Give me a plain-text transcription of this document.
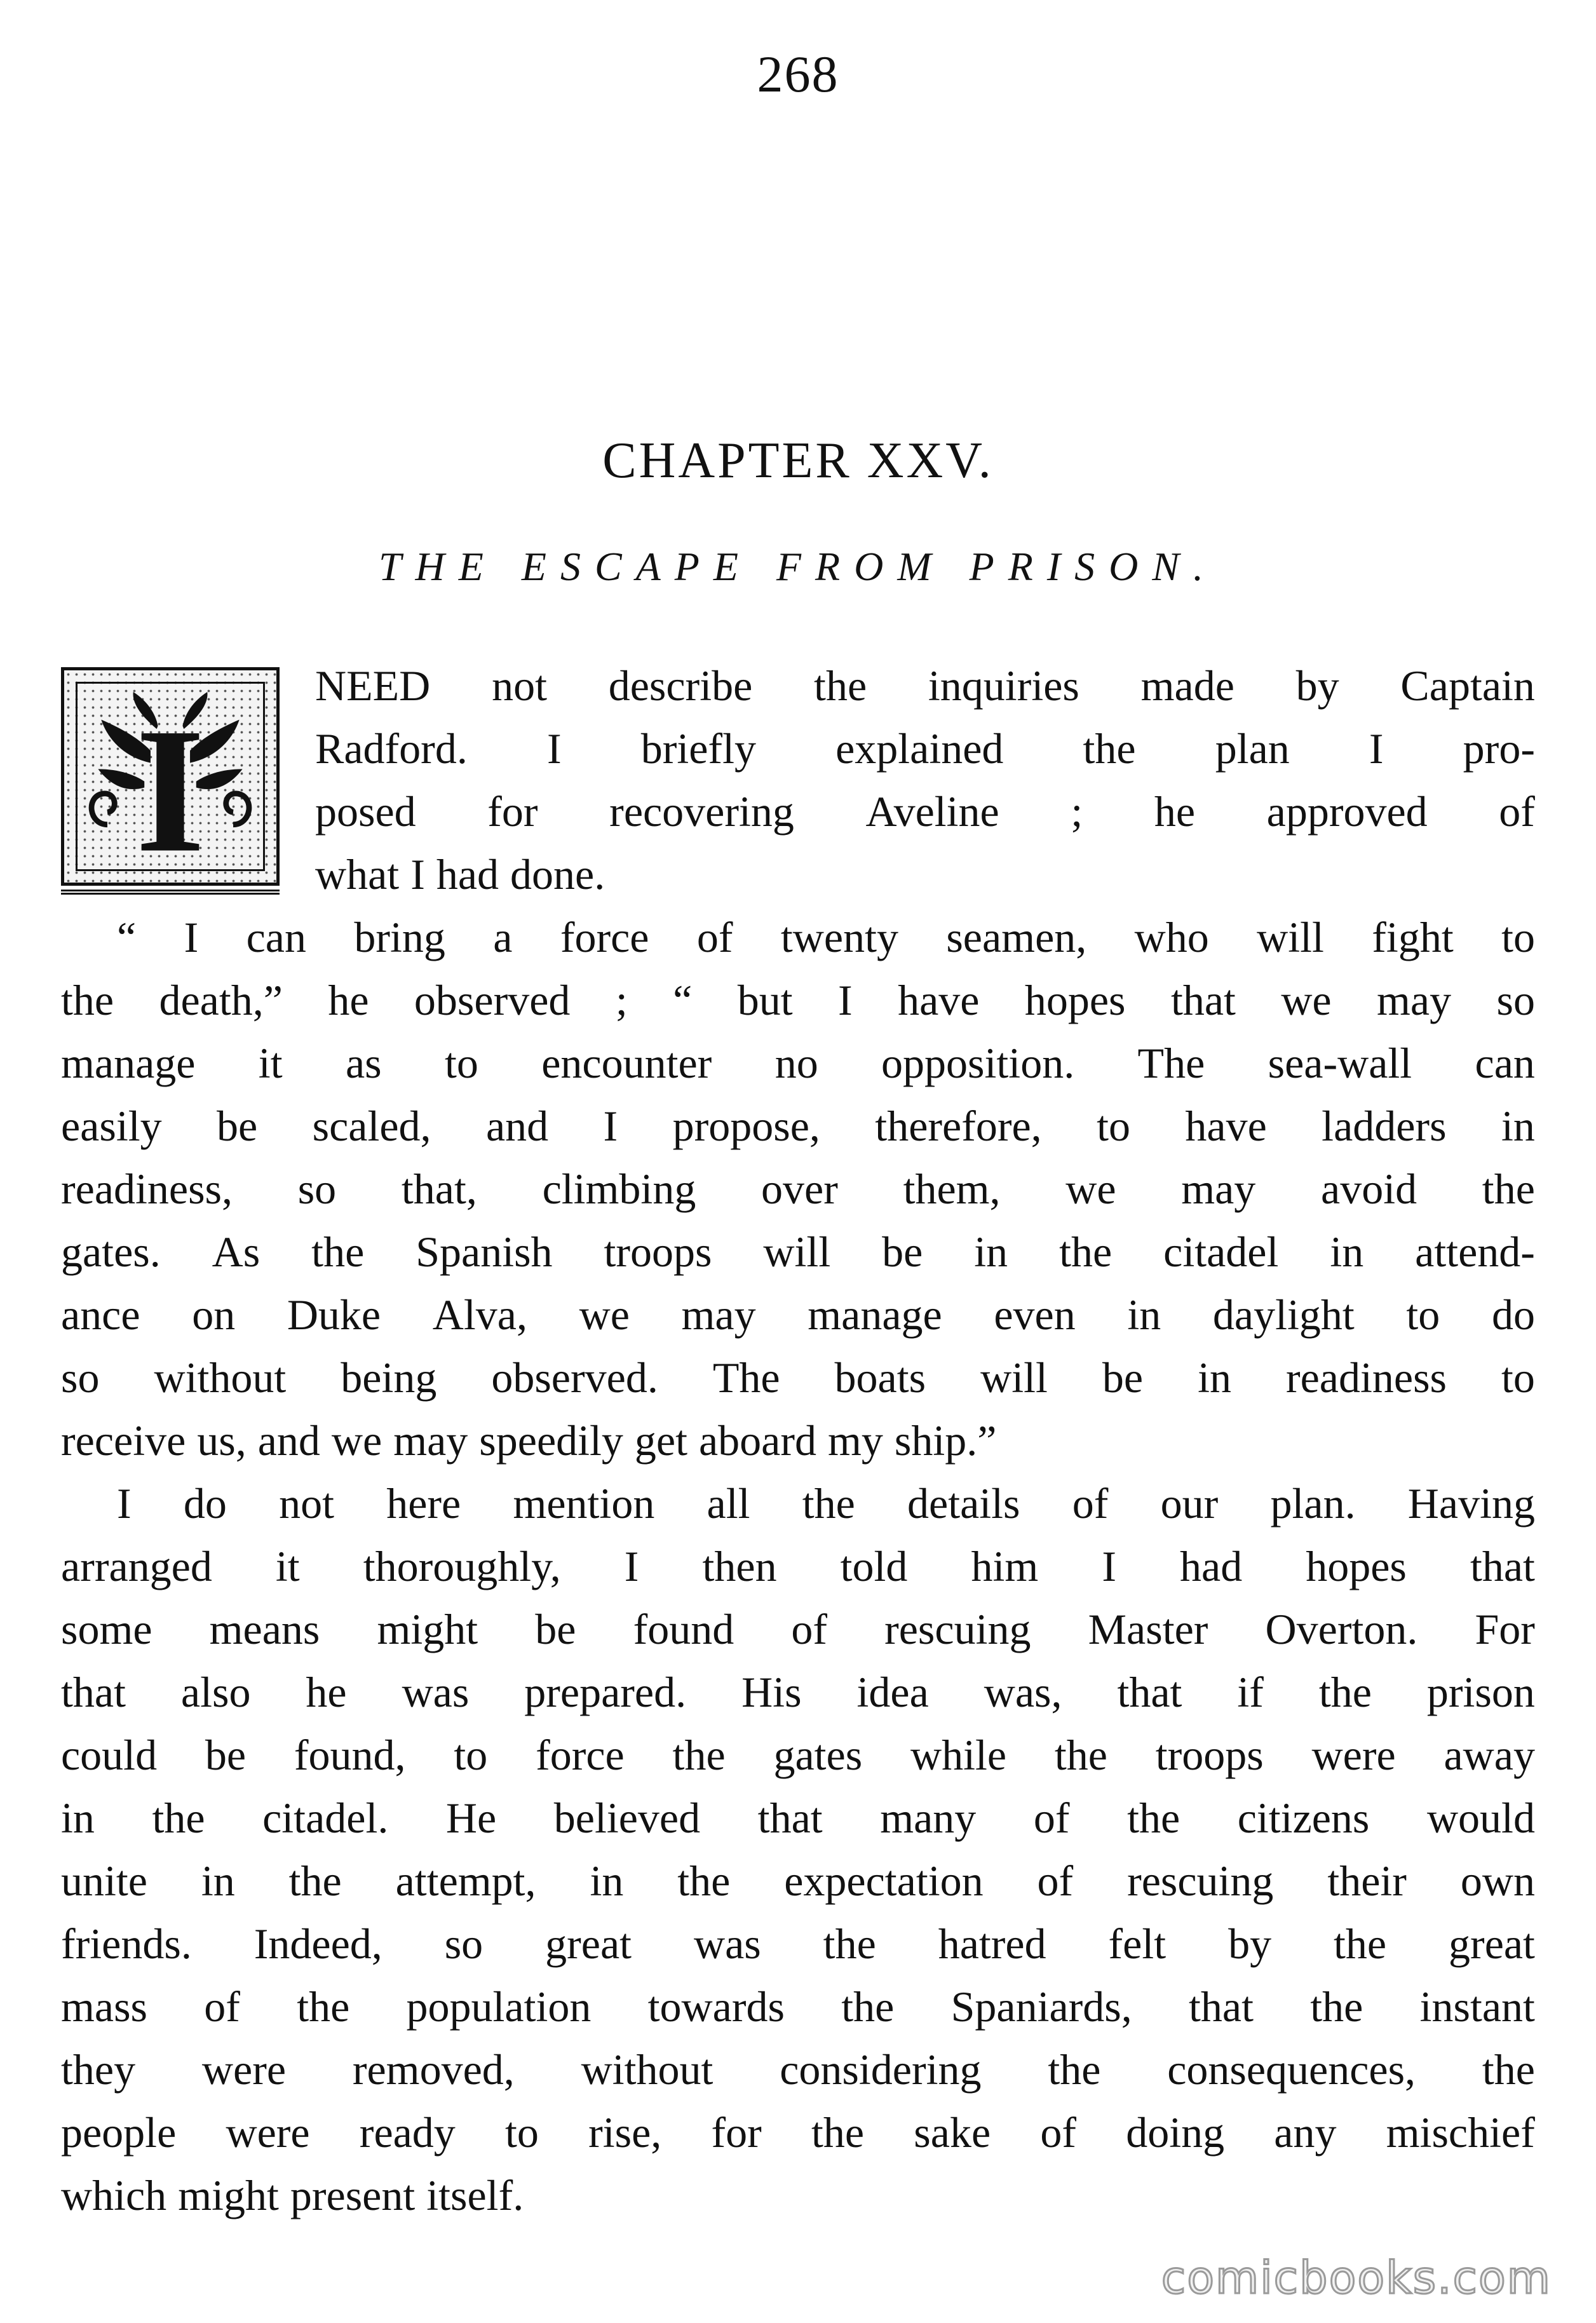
268
CHAPTER XXV.
THE ESCAPE FROM PRISON.
I
NEED not describe the inquiries made by Captain
Radford. I briefly explained the plan I pro-
posed for recovering Aveline ; he approved of
what I had done.
“ I can bring a force of twenty seamen, who will fight to
the death,” he observed ; “ but I have hopes that we may so
manage it as to encounter no opposition. The sea-wall can
easily be scaled, and I propose, therefore, to have ladders in
readiness, so that, climbing over them, we may avoid the
gates. As the Spanish troops will be in the citadel in attend-
ance on Duke Alva, we may manage even in daylight to do
so without being observed. The boats will be in readiness to
receive us, and we may speedily get aboard my ship.”
I do not here mention all the details of our plan. Having
arranged it thoroughly, I then told him I had hopes that
some means might be found of rescuing Master Overton. For
that also he was prepared. His idea was, that if the prison
could be found, to force the gates while the troops were away
in the citadel. He believed that many of the citizens would
unite in the attempt, in the expectation of rescuing their own
friends. Indeed, so great was the hatred felt by the great
mass of the population towards the Spaniards, that the instant
they were removed, without considering the consequences, the
people were ready to rise, for the sake of doing any mischief
which might present itself.
comicbooks.com
